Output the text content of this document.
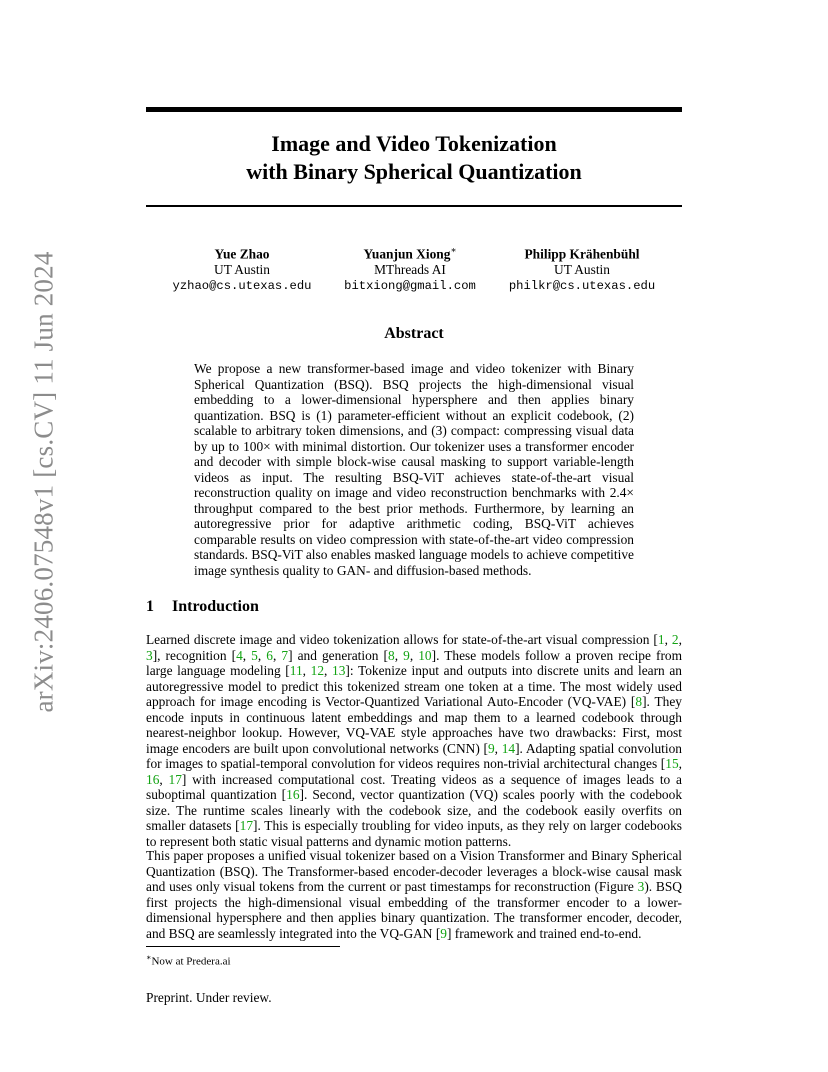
Image and Video Tokenization
with Binary Spherical Quantization
arXiv:2406.07548v1 [cs.CV] 11 Jun 2024	Yue Zhao
UT Austin
yzhao@cs.utexas.edu
Yuanjun Xiong∗
MThreads AI
bitxiong@gmail.com
Philipp Krähenbühl
UT Austin
philkr@cs.utexas.edu
Abstract

We propose a new transformer-based image and video tokenizer with Binary Spherical Quantization (BSQ). BSQ projects the high-dimensional visual embedding to a lower-dimensional hypersphere and then applies binary quantization. BSQ is (1) parameter-efficient without an explicit codebook, (2) scalable to arbitrary token dimensions, and (3) compact: compressing visual data by up to 100× with minimal distortion. Our tokenizer uses a transformer encoder and decoder with simple block-wise causal masking to support variable-length videos as input. The resulting BSQ-ViT achieves state-of-the-art visual reconstruction quality on image and video reconstruction benchmarks with 2.4× throughput compared to the best prior methods. Furthermore, by learning an autoregressive prior for adaptive arithmetic coding, BSQ-ViT achieves comparable results on video compression with state-of-the-art video compression standards. BSQ-ViT also enables masked language models to achieve competitive image synthesis quality to GAN- and diffusion-based methods.

1 Introduction

Learned discrete image and video tokenization allows for state-of-the-art visual compression [1, 2, 3], recognition [4, 5, 6, 7] and generation [8, 9, 10]. These models follow a proven recipe from large language modeling [11, 12, 13]: Tokenize input and outputs into discrete units and learn an autoregressive model to predict this tokenized stream one token at a time. The most widely used approach for image encoding is Vector-Quantized Variational Auto-Encoder (VQ-VAE) [8]. They encode inputs in continuous latent embeddings and map them to a learned codebook through nearest-neighbor lookup. However, VQ-VAE style approaches have two drawbacks: First, most image encoders are built upon convolutional networks (CNN) [9, 14]. Adapting spatial convolution for images to spatial-temporal convolution for videos requires non-trivial architectural changes [15, 16, 17] with increased computational cost. Treating videos as a sequence of images leads to a suboptimal quantization [16]. Second, vector quantization (VQ) scales poorly with the codebook size. The runtime scales linearly with the codebook size, and the codebook easily overfits on smaller datasets [17]. This is especially troubling for video inputs, as they rely on larger codebooks to represent both static visual patterns and dynamic motion patterns.

This paper proposes a unified visual tokenizer based on a Vision Transformer and Binary Spherical Quantization (BSQ). The Transformer-based encoder-decoder leverages a block-wise causal mask and uses only visual tokens from the current or past timestamps for reconstruction (Figure 3). BSQ first projects the high-dimensional visual embedding of the transformer encoder to a lower-dimensional hypersphere and then applies binary quantization. The transformer encoder, decoder, and BSQ are seamlessly integrated into the VQ-GAN [9] framework and trained end-to-end.

∗Now at Predera.ai

Preprint. Under review.
